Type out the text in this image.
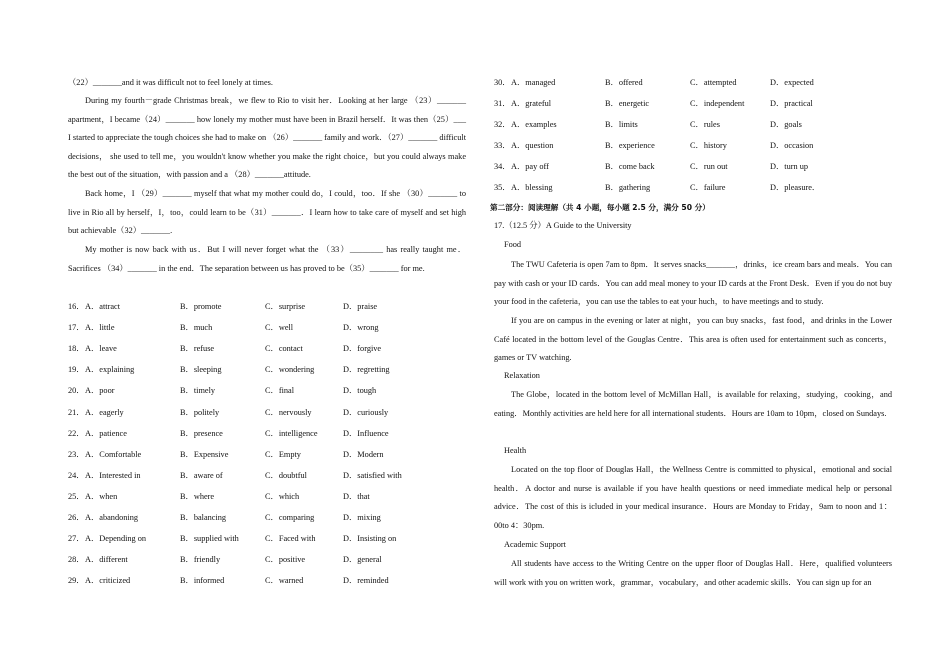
（22）_______and it was difficult not to feel lonely at times.
During my fourth－grade Christmas break，we flew to Rio to visit her．Looking at her large （23）_______ apartment，I became（24）_______ how lonely my mother must have been in Brazil herself．It was then（25）___ I started to appreciate the tough choices she had to make on （26）_______ family and work．（27）_______ difficult decisions， she used to tell me，you wouldn't know whether you make the right choice，but you could always make the best out of the situation，with passion and a （28）_______attitude.
Back home，I （29）_______ myself that what my mother could do，I could，too．If she （30）_______ to live in Rio all by herself，I，too，could learn to be（31）_______．I learn how to take care of myself and set high but achievable（32）_______.
My mother is now back with us．But I will never forget what the （33）________ has really taught me．Sacrifices （34）_______ in the end．The separation between us has proved to be（35）_______ for me.
16． A．attract	B．promote	C．surprise	D．praise
17． A．little	B．much	C．well	D．wrong
18． A．leave	B．refuse	C．contact	D．forgive
19． A．explaining	B．sleeping	C．wondering	D．regretting
20． A．poor	B．timely	C．final	D．tough
21． A．eagerly	B．politely	C．nervously	D．curiously
22． A．patience	B．presence	C．intelligence	D．Influence
23． A．Comfortable	B．Expensive	C．Empty	D．Modern
24． A．Interested in	B．aware of	C．doubtful	D．satisfied with
25． A．when	B．where	C．which	D．that
26． A．abandoning	B．balancing	C．comparing	D．mixing
27． A．Depending on	B．supplied with	C．Faced with	D．Insisting on
28． A．different	B．friendly	C．positive	D．general
29． A．criticized	B．informed	C．warned	D．reminded
30． A．managed	B．offered	C．attempted	D．expected
31． A．grateful	B．energetic	C．independent	D．practical
32． A．examples	B．limits	C．rules	D．goals
33． A．question	B．experience	C．history	D．occasion
34． A．pay off	B．come back	C．run out	D．turn up
35． A．blessing	B．gathering	C．failure	D．pleasure．
第二部分：阅读理解（共 4 小题，每小题 2.5 分，满分 50 分）
17.（12.5 分）A Guide to the University
Food
The TWU Cafeteria is open 7am to 8pm．It serves snacks_______，drinks，ice cream bars and meals．You can pay with cash or your ID cards．You can add meal money to your ID cards at the Front Desk．Even if you do not buy your food in the cafeteria，you can use the tables to eat your huch，to have meetings and to study.
If you are on campus in the evening or later at night，you can buy snacks，fast food，and drinks in the Lower Café located in the bottom level of the Gouglas Centre．This area is often used for entertainment such as concerts，games or TV watching.
Relaxation
The Globe，located in the bottom level of McMillan Hall，is available for relaxing，studying，cooking，and eating．Monthly activities are held here for all international students．Hours are 10am to 10pm，closed on Sundays.
Health
Located on the top floor of Douglas Hall，the Wellness Centre is committed to physical，emotional and social health．A doctor and nurse is available if you have health questions or need immediate medical help or personal advice．The cost of this is icluded in your medical insurance．Hours are Monday to Friday，9am to noon and 1：00to 4：30pm.
Academic Support
All students have access to the Writing Centre on the upper floor of Douglas Hall．Here，qualified volunteers will work with you on written work，grammar，vocabulary，and other academic skills．You can sign up for an
